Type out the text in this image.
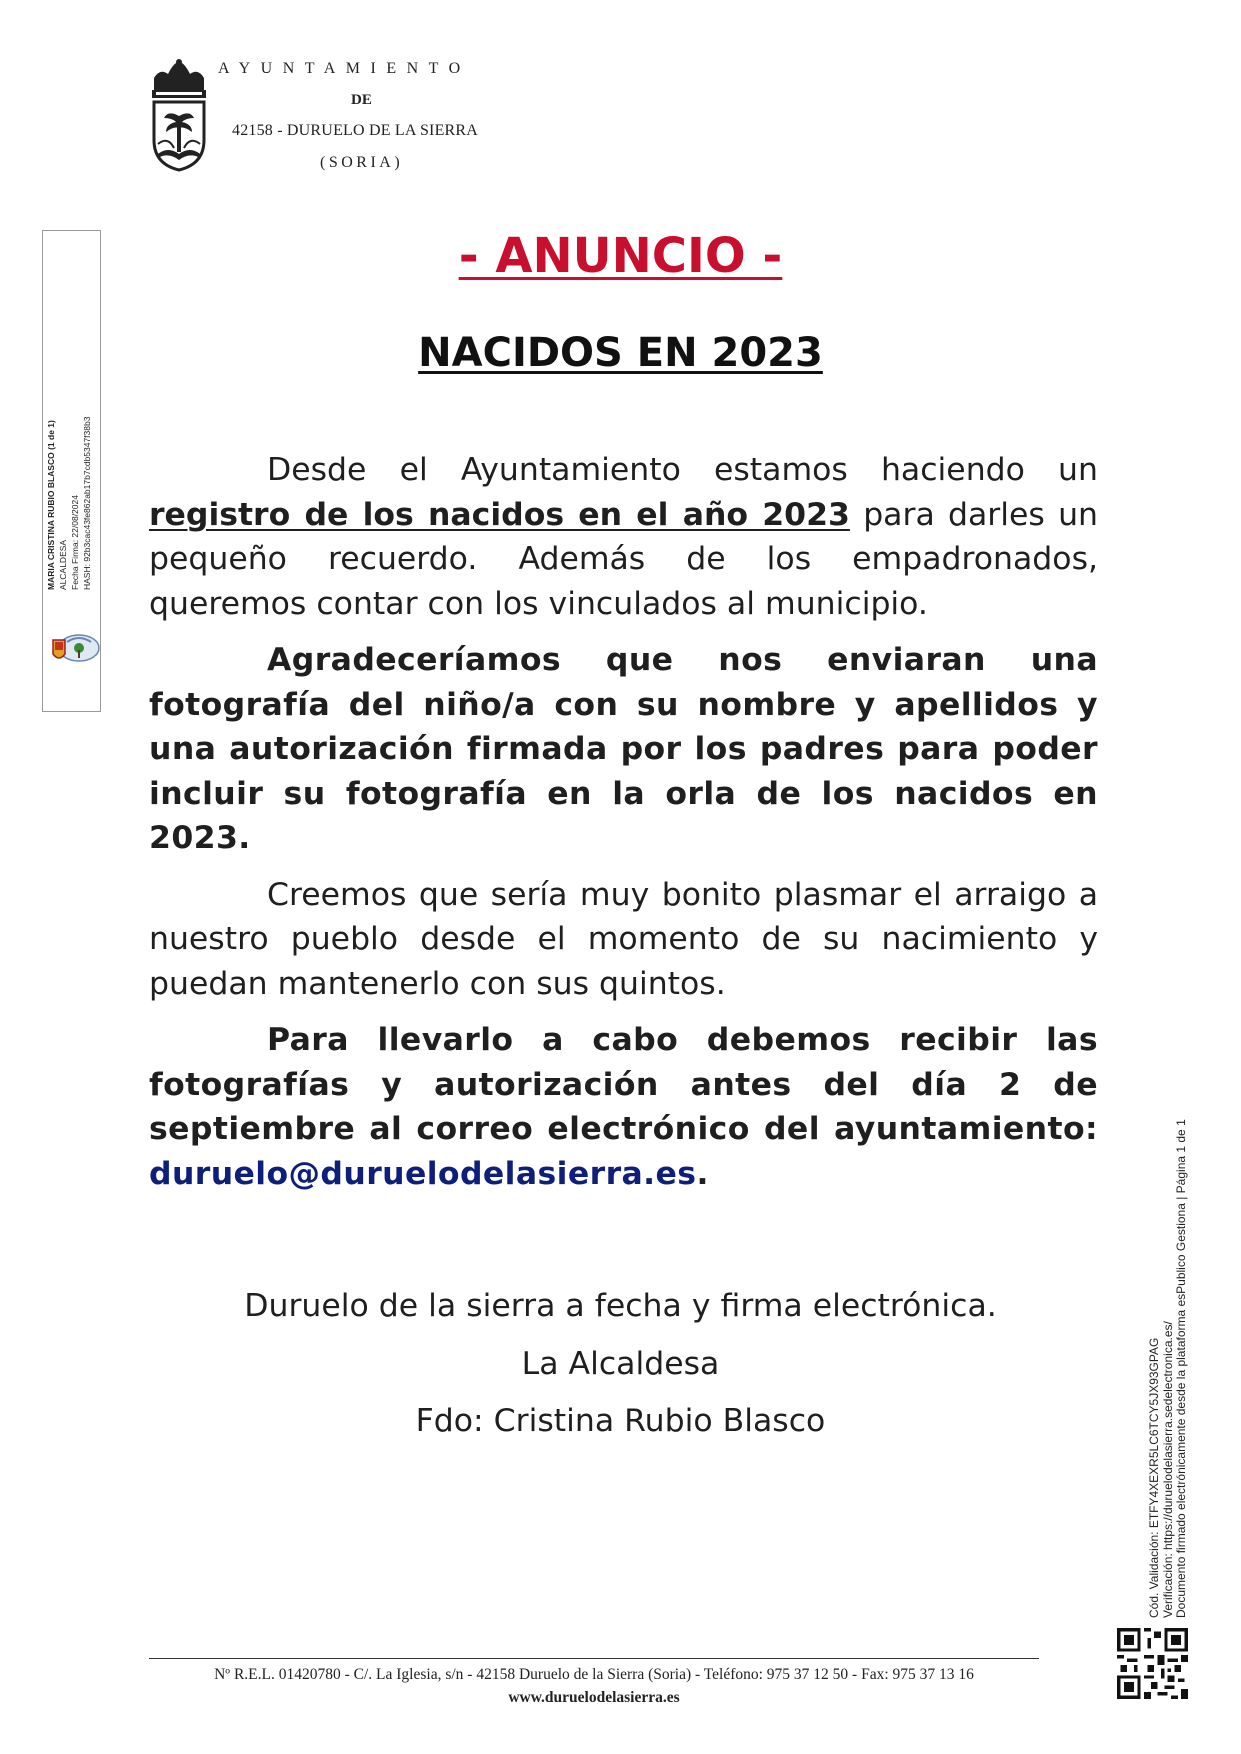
AYUNTAMIENTO
DE
42158 - DURUELO DE LA SIERRA
(SORIA)
MARIA CRISTINA RUBIO BLASCO (1 de 1) ALCALDESA Fecha Firma: 22/08/2024 HASH: 92b3cac43fe862ab17b7cdb5347f38b3
- ANUNCIO -
NACIDOS EN 2023

Desde el Ayuntamiento estamos haciendo un registro de los nacidos en el año 2023 para darles un pequeño recuerdo. Además de los empadronados, queremos contar con los vinculados al municipio.

Agradeceríamos que nos enviaran una fotografía del niño/a con su nombre y apellidos y una autorización firmada por los padres para poder incluir su fotografía en la orla de los nacidos en 2023.

Creemos que sería muy bonito plasmar el arraigo a nuestro pueblo desde el momento de su nacimiento y puedan mantenerlo con sus quintos.

Para llevarlo a cabo debemos recibir las fotografías y autorización antes del día 2 de septiembre al correo electrónico del ayuntamiento: duruelo@duruelodelasierra.es.

Duruelo de la sierra a fecha y firma electrónica.
La Alcaldesa
Fdo: Cristina Rubio Blasco	Cód. Validación: ETFY4XEXR5LC6TCY5JX93GPAG Verificación: https://duruelodelasierra.sedelectronica.es/ Documento firmado electrónicamente desde la plataforma esPublico Gestiona | Página 1 de 1
Nº R.E.L. 01420780 - C/. La Iglesia, s/n - 42158 Duruelo de la Sierra (Soria) - Teléfono: 975 37 12 50 - Fax: 975 37 13 16
www.duruelodelasierra.es
